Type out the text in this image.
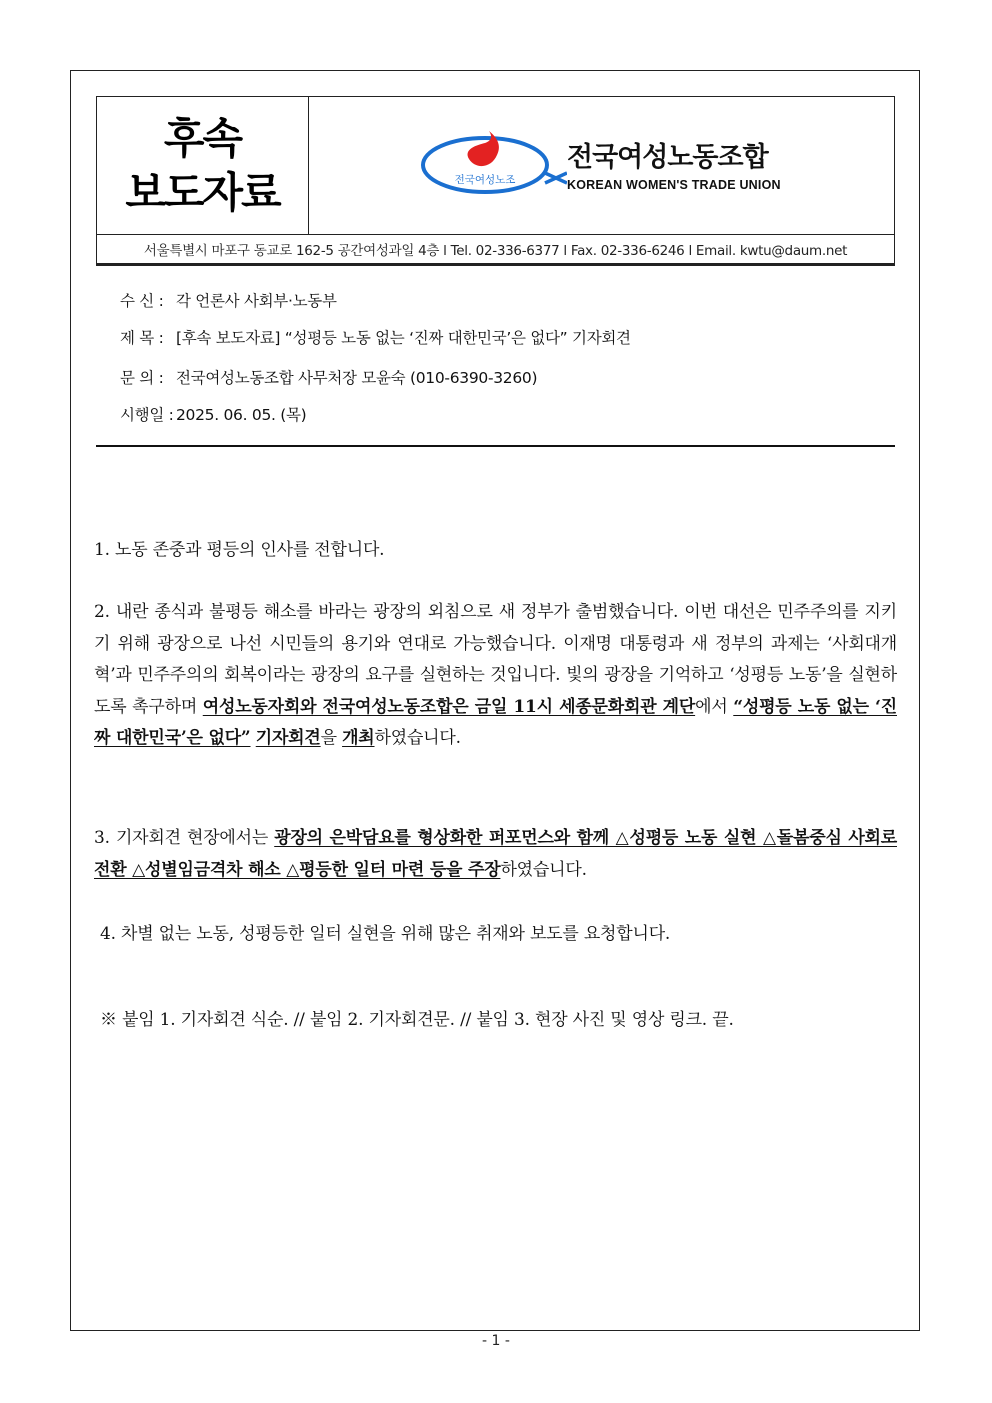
후속
보도자료	전국여성노조
전국여성노동조합
KOREAN WOMEN'S TRADE UNION
서울특별시 마포구 동교로 162-5 공간여성과일 4층 l Tel. 02-336-6377 l Fax. 02-336-6246 l Email. kwtu@daum.net
수 신 : 각 언론사 사회부·노동부
제 목 : [후속 보도자료] “성평등 노동 없는 ‘진짜 대한민국’은 없다” 기자회견
문 의 : 전국여성노동조합 사무처장 모윤숙 (010-6390-3260)
시행일 : 2025. 06. 05. (목)
1. 노동 존중과 평등의 인사를 전합니다.
2. 내란 종식과 불평등 해소를 바라는 광장의 외침으로 새 정부가 출범했습니다. 이번 대선은 민주주의를 지키기 위해 광장으로 나선 시민들의 용기와 연대로 가능했습니다. 이재명 대통령과 새 정부의 과제는 ‘사회대개혁’과 민주주의의 회복이라는 광장의 요구를 실현하는 것입니다. 빛의 광장을 기억하고 ‘성평등 노동’을 실현하도록 촉구하며 여성노동자회와 전국여성노동조합은 금일 11시 세종문화회관 계단에서 “성평등 노동 없는 ‘진짜 대한민국’은 없다” 기자회견을 개최하였습니다.
3. 기자회견 현장에서는 광장의 은박담요를 형상화한 퍼포먼스와 함께 △성평등 노동 실현 △돌봄중심 사회로 전환 △성별임금격차 해소 △평등한 일터 마련 등을 주장하였습니다.
4. 차별 없는 노동, 성평등한 일터 실현을 위해 많은 취재와 보도를 요청합니다.
※ 붙임 1. 기자회견 식순. // 붙임 2. 기자회견문. // 붙임 3. 현장 사진 및 영상 링크. 끝.
- 1 -
